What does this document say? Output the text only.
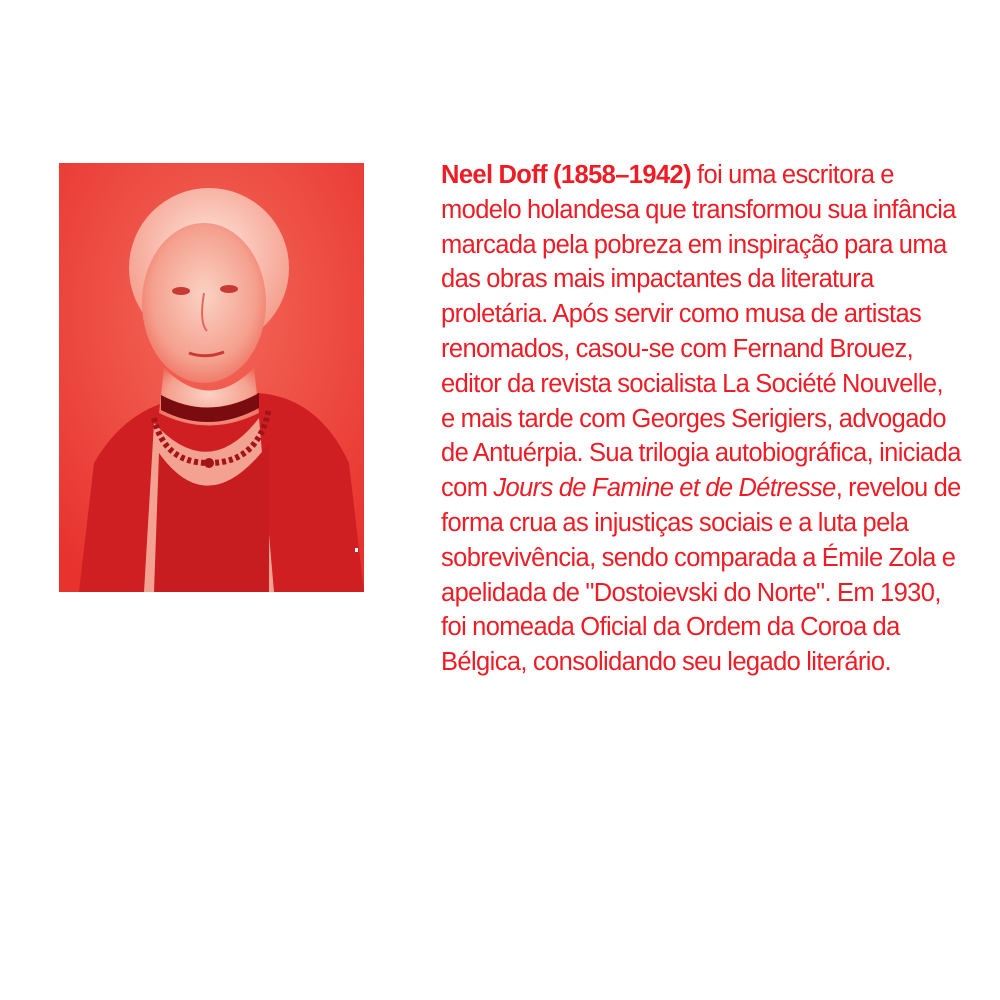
Neel Doff (1858–1942) foi uma escritora e modelo holandesa que transformou sua infância marcada pela pobreza em inspiração para uma das obras mais impactantes da literatura proletária. Após servir como musa de artistas renomados, casou-se com Fernand Brouez, editor da revista socialista La Société Nouvelle, e mais tarde com Georges Serigiers, advogado de Antuérpia. Sua trilogia autobiográfica, iniciada com Jours de Famine et de Détresse, revelou de forma crua as injustiças sociais e a luta pela sobrevivência, sendo comparada a Émile Zola e apelidada de "Dostoievski do Norte". Em 1930, foi nomeada Oficial da Ordem da Coroa da Bélgica, consolidando seu legado literário.
